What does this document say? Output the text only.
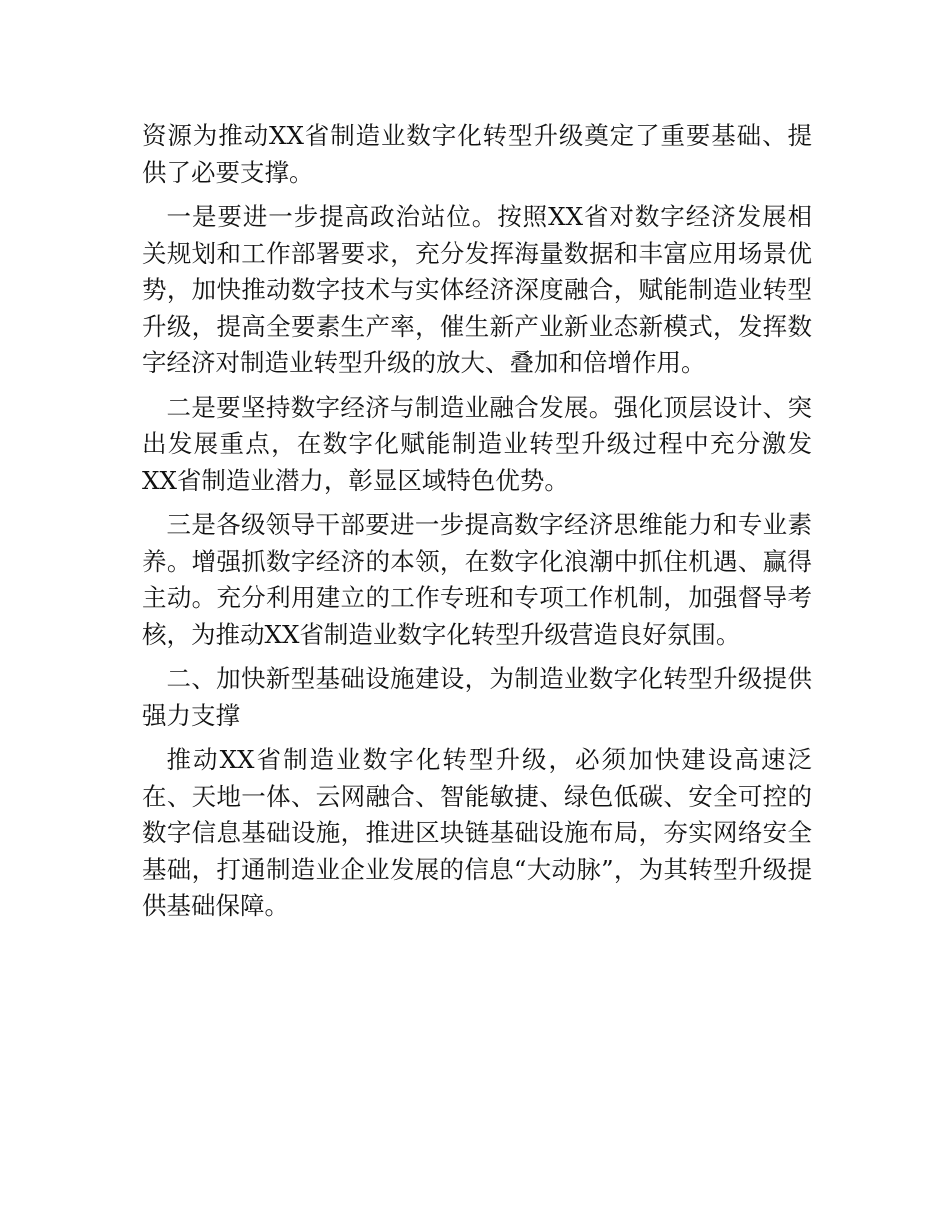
资源为推动XX省制造业数字化转型升级奠定了重要基础、提供了必要支撑。

一是要进一步提高政治站位。按照XX省对数字经济发展相关规划和工作部署要求，充分发挥海量数据和丰富应用场景优势，加快推动数字技术与实体经济深度融合，赋能制造业转型升级，提高全要素生产率，催生新产业新业态新模式，发挥数字经济对制造业转型升级的放大、叠加和倍增作用。

二是要坚持数字经济与制造业融合发展。强化顶层设计、突出发展重点，在数字化赋能制造业转型升级过程中充分激发XX省制造业潜力，彰显区域特色优势。

三是各级领导干部要进一步提高数字经济思维能力和专业素养。增强抓数字经济的本领，在数字化浪潮中抓住机遇、赢得主动。充分利用建立的工作专班和专项工作机制，加强督导考核，为推动XX省制造业数字化转型升级营造良好氛围。

二、加快新型基础设施建设，为制造业数字化转型升级提供强力支撑

推动XX省制造业数字化转型升级，必须加快建设高速泛在、天地一体、云网融合、智能敏捷、绿色低碳、安全可控的数字信息基础设施，推进区块链基础设施布局，夯实网络安全基础，打通制造业企业发展的信息“大动脉”，为其转型升级提供基础保障。
